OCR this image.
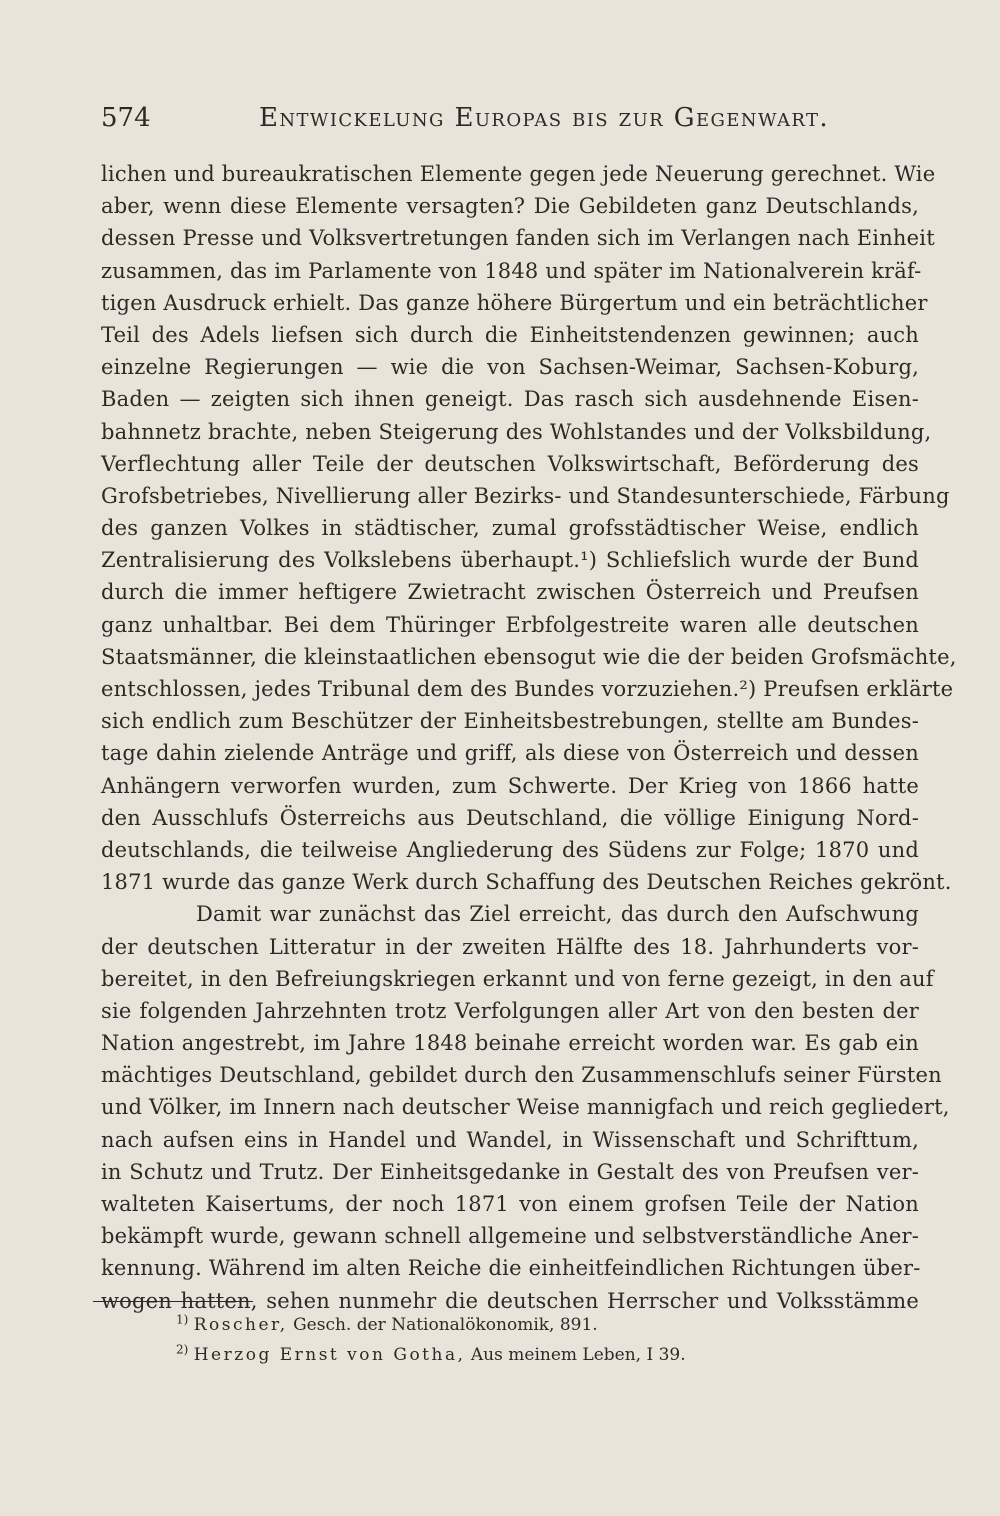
574	Entwickelung Europas bis zur Gegenwart.
lichen und bureaukratischen Elemente gegen jede Neuerung gerechnet. Wie
aber, wenn diese Elemente versagten? Die Gebildeten ganz Deutschlands,
dessen Presse und Volksvertretungen fanden sich im Verlangen nach Einheit
zusammen, das im Parlamente von 1848 und später im Nationalverein kräf-
tigen Ausdruck erhielt. Das ganze höhere Bürgertum und ein beträchtlicher
Teil des Adels liefsen sich durch die Einheitstendenzen gewinnen; auch
einzelne Regierungen — wie die von Sachsen-Weimar, Sachsen-Koburg,
Baden — zeigten sich ihnen geneigt. Das rasch sich ausdehnende Eisen-
bahnnetz brachte, neben Steigerung des Wohlstandes und der Volksbildung,
Verflechtung aller Teile der deutschen Volkswirtschaft, Beförderung des
Grofsbetriebes, Nivellierung aller Bezirks- und Standesunterschiede, Färbung
des ganzen Volkes in städtischer, zumal grofsstädtischer Weise, endlich
Zentralisierung des Volkslebens überhaupt.¹) Schliefslich wurde der Bund
durch die immer heftigere Zwietracht zwischen Österreich und Preufsen
ganz unhaltbar. Bei dem Thüringer Erbfolgestreite waren alle deutschen
Staatsmänner, die kleinstaatlichen ebensogut wie die der beiden Grofsmächte,
entschlossen, jedes Tribunal dem des Bundes vorzuziehen.²) Preufsen erklärte
sich endlich zum Beschützer der Einheitsbestrebungen, stellte am Bundes-
tage dahin zielende Anträge und griff, als diese von Österreich und dessen
Anhängern verworfen wurden, zum Schwerte. Der Krieg von 1866 hatte
den Ausschlufs Österreichs aus Deutschland, die völlige Einigung Nord-
deutschlands, die teilweise Angliederung des Südens zur Folge; 1870 und
1871 wurde das ganze Werk durch Schaffung des Deutschen Reiches gekrönt.
Damit war zunächst das Ziel erreicht, das durch den Aufschwung
der deutschen Litteratur in der zweiten Hälfte des 18. Jahrhunderts vor-
bereitet, in den Befreiungskriegen erkannt und von ferne gezeigt, in den auf
sie folgenden Jahrzehnten trotz Verfolgungen aller Art von den besten der
Nation angestrebt, im Jahre 1848 beinahe erreicht worden war. Es gab ein
mächtiges Deutschland, gebildet durch den Zusammenschlufs seiner Fürsten
und Völker, im Innern nach deutscher Weise mannigfach und reich gegliedert,
nach aufsen eins in Handel und Wandel, in Wissenschaft und Schrifttum,
in Schutz und Trutz. Der Einheitsgedanke in Gestalt des von Preufsen ver-
walteten Kaisertums, der noch 1871 von einem grofsen Teile der Nation
bekämpft wurde, gewann schnell allgemeine und selbstverständliche Aner-
kennung. Während im alten Reiche die einheitfeindlichen Richtungen über-
wogen hatten, sehen nunmehr die deutschen Herrscher und Volksstämme
$^{1)}$ Roscher, Gesch. der Nationalökonomik, 891.
$^{2)}$ Herzog Ernst von Gotha, Aus meinem Leben, I 39.
